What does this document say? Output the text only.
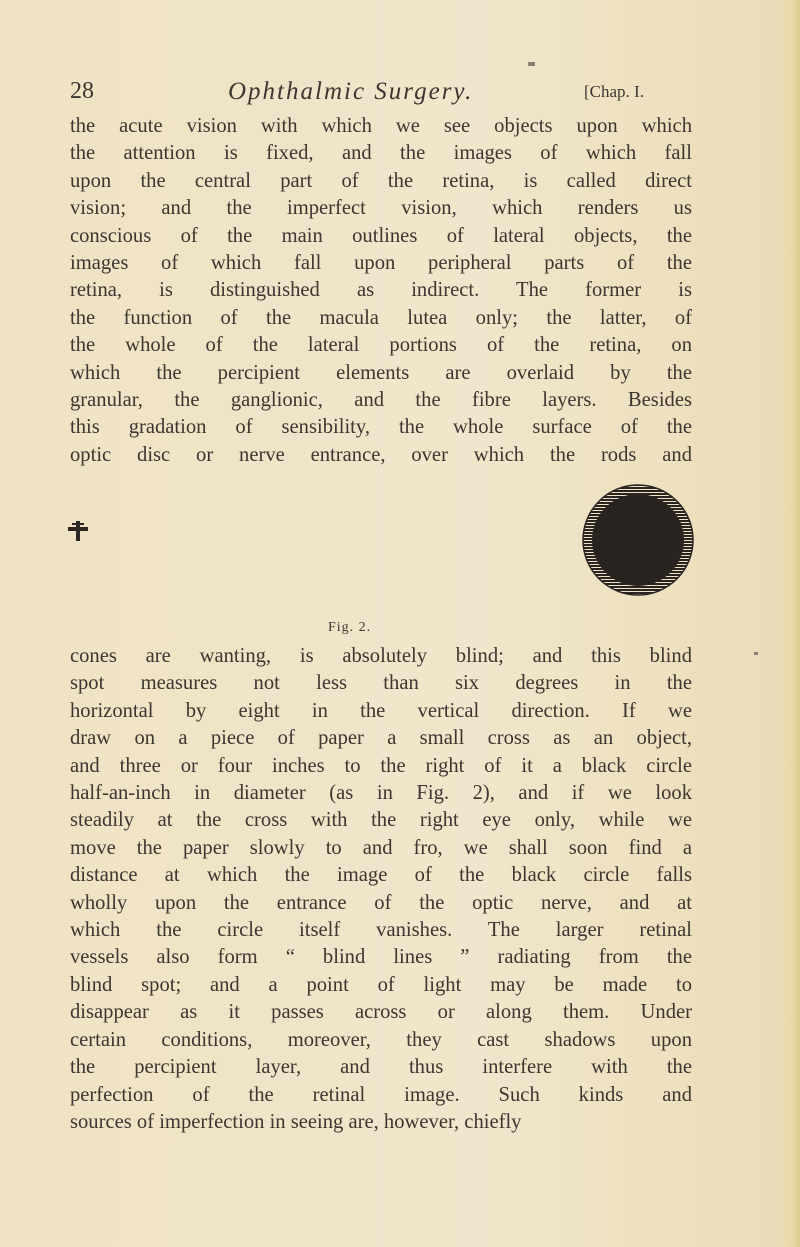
28	Ophthalmic Surgery.	[Chap. I.

the acute vision with which we see objects upon which
the attention is fixed, and the images of which fall
upon the central part of the retina, is called direct
vision; and the imperfect vision, which renders us
conscious of the main outlines of lateral objects, the
images of which fall upon peripheral parts of the
retina, is distinguished as indirect. The former is
the function of the macula lutea only; the latter, of
the whole of the lateral portions of the retina, on
which the percipient elements are overlaid by the
granular, the ganglionic, and the fibre layers. Besides
this gradation of sensibility, the whole surface of the
optic disc or nerve entrance, over which the rods and

Fig. 2.

cones are wanting, is absolutely blind; and this blind
spot measures not less than six degrees in the
horizontal by eight in the vertical direction. If we
draw on a piece of paper a small cross as an object,
and three or four inches to the right of it a black circle
half-an-inch in diameter (as in Fig. 2), and if we look
steadily at the cross with the right eye only, while we
move the paper slowly to and fro, we shall soon find a
distance at which the image of the black circle falls
wholly upon the entrance of the optic nerve, and at
which the circle itself vanishes. The larger retinal
vessels also form “ blind lines ” radiating from the
blind spot; and a point of light may be made to
disappear as it passes across or along them. Under
certain conditions, moreover, they cast shadows upon
the percipient layer, and thus interfere with the
perfection of the retinal image. Such kinds and
sources of imperfection in seeing are, however, chiefly
